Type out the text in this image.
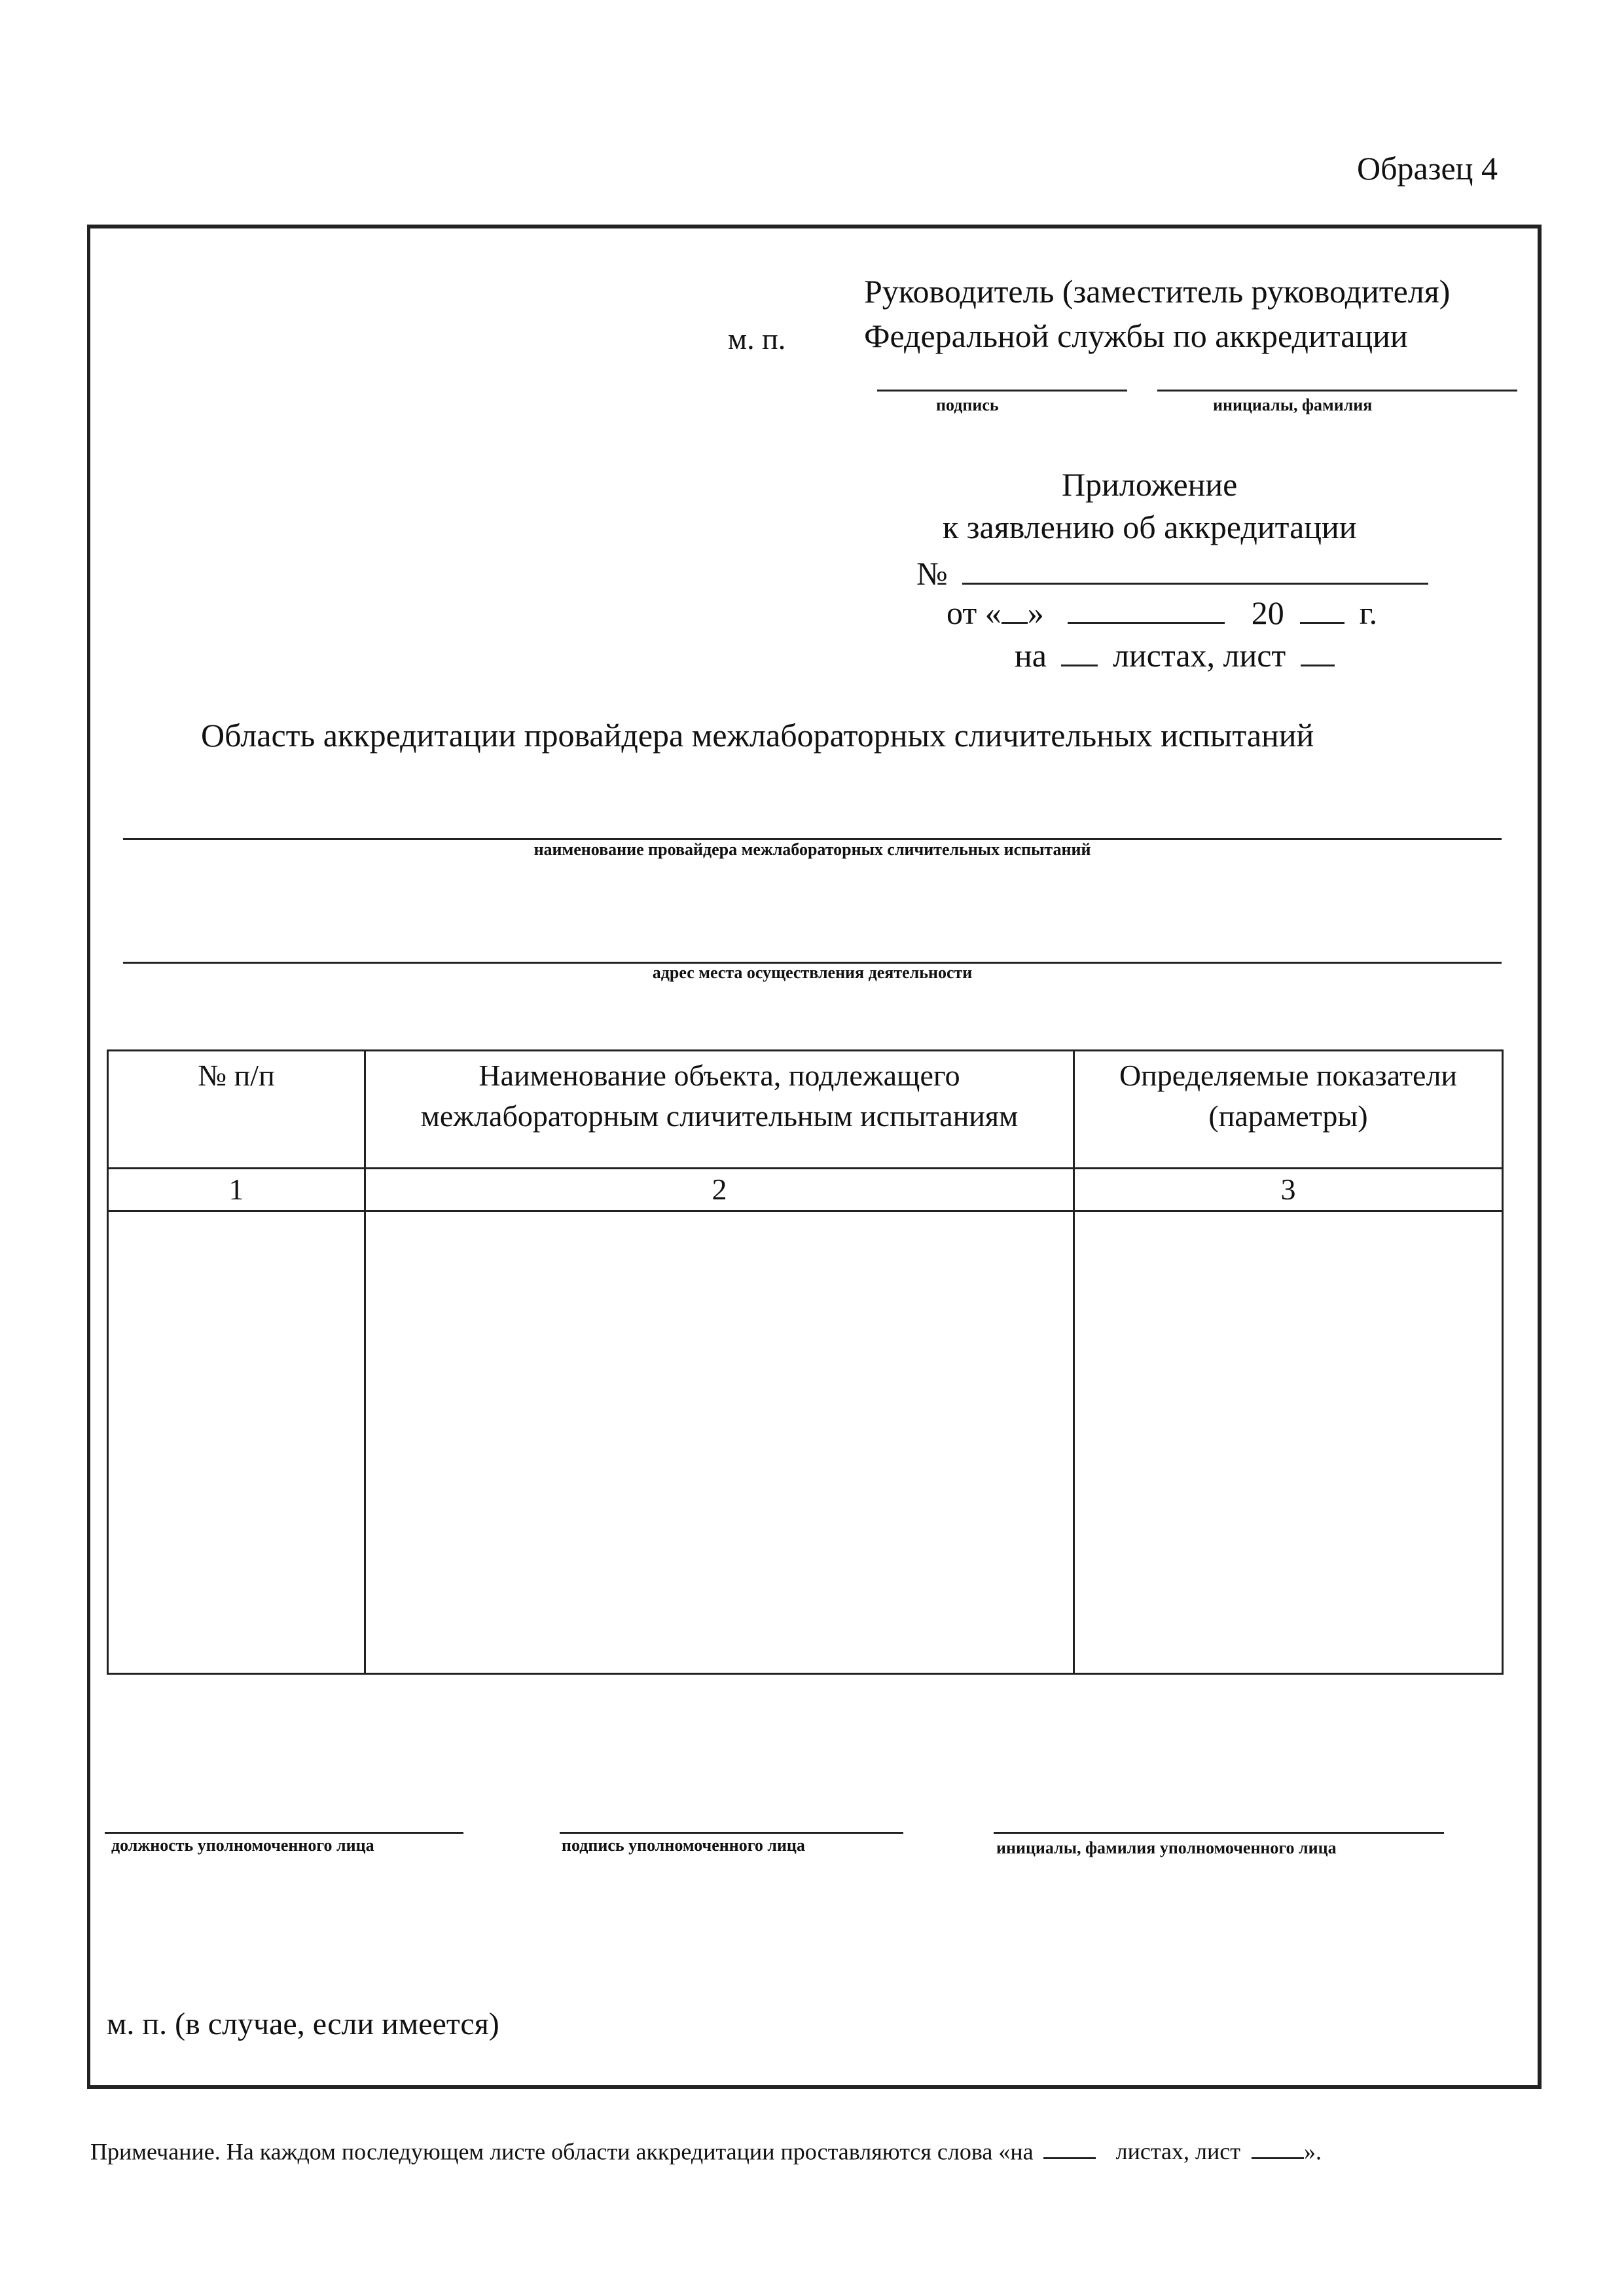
Образец 4
Руководитель (заместитель руководителя)
Федеральной службы по аккредитации
м. п.
подпись	инициалы, фамилия
Приложение
к заявлению об аккредитации
№
от « »	20 г.
на листах, лист
Область аккредитации провайдера межлабораторных сличительных испытаний
наименование провайдера межлабораторных сличительных испытаний
адрес места осуществления деятельности
№ п/п	Наименование объекта, подлежащего межлабораторным сличительным испытаниям	Определяемые показатели (параметры)
1	2	3

должность уполномоченного лица	подпись уполномоченного лица	инициалы, фамилия уполномоченного лица
м. п. (в случае, если имеется)
Примечание. На каждом последующем листе области аккредитации проставляются слова «на	листах, лист	».
